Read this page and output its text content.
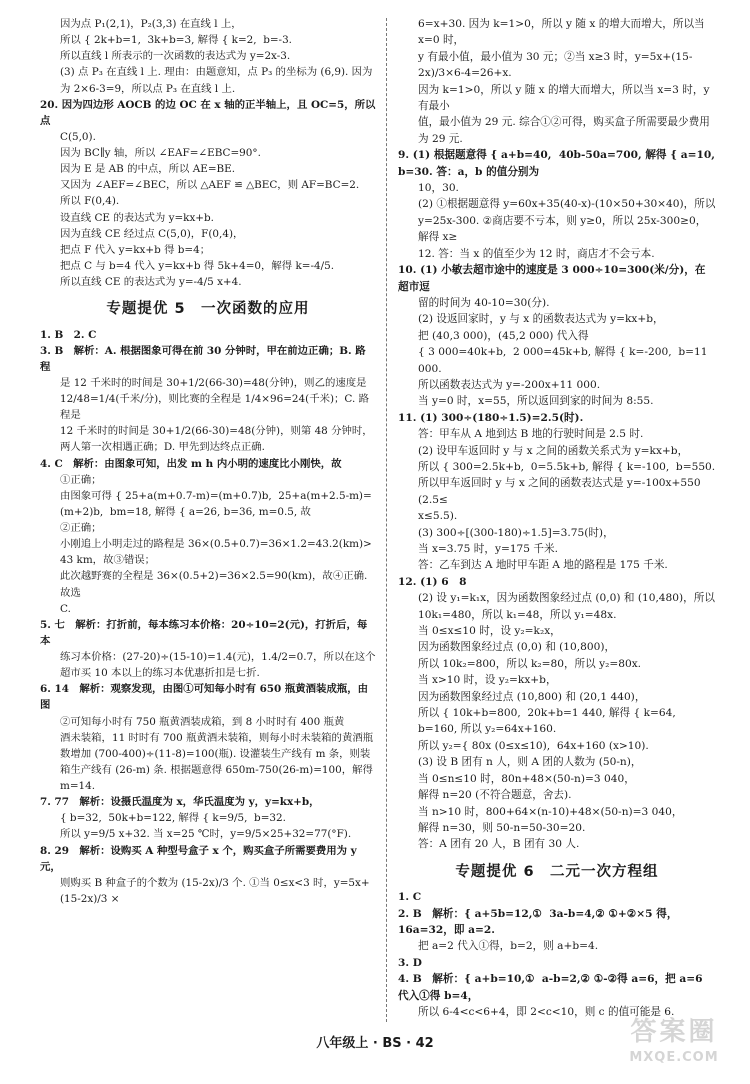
因为点 P₁(2,1)，P₂(3,3) 在直线 l 上，
所以 { 2k+b=1,  3k+b=3, 解得 { k=2,  b=-3.
所以直线 l 所表示的一次函数的表达式为 y=2x-3.
(3) 点 P₃ 在直线 l 上. 理由：由题意知，点 P₃ 的坐标为 (6,9). 因为
为 2×6-3=9，所以点 P₃ 在直线 l 上.
20. 因为四边形 AOCB 的边 OC 在 x 轴的正半轴上，且 OC=5，所以点
C(5,0).
因为 BC∥y 轴，所以 ∠EAF=∠EBC=90°.
因为 E 是 AB 的中点，所以 AE=BE.
又因为 ∠AEF=∠BEC，所以 △AEF ≌ △BEC，则 AF=BC=2.
所以 F(0,4).
设直线 CE 的表达式为 y=kx+b.
因为直线 CE 经过点 C(5,0)，F(0,4)，
把点 F 代入 y=kx+b 得 b=4；
把点 C 与 b=4 代入 y=kx+b 得 5k+4=0，解得 k=-4/5.
所以直线 CE 的表达式为 y=-4/5 x+4.
专题提优 5　一次函数的应用
1. B　2. C
3. B　解析：A. 根据图象可得在前 30 分钟时，甲在前边正确；B. 路程
是 12 千米时的时间是 30+1/2(66-30)=48(分钟)，则乙的速度是
12/48=1/4(千米/分)，则比赛的全程是 1/4×96=24(千米)；C. 路程是
12 千米时的时间是 30+1/2(66-30)=48(分钟)，则第 48 分钟时，
两人第一次相遇正确；D. 甲先到达终点正确.
4. C　解析：由图象可知，出发 m h 内小明的速度比小刚快，故
①正确；
由图象可得 { 25+a(m+0.7-m)=(m+0.7)b,  25+a(m+2.5-m)=(m+2)b,  bm=18, 解得 { a=26, b=36, m=0.5, 故
②正确；
小刚追上小明走过的路程是 36×(0.5+0.7)=36×1.2=43.2(km)>
43 km，故③错误；
此次越野赛的全程是 36×(0.5+2)=36×2.5=90(km)，故④正确. 故选
C.
5. 七　解析：打折前，每本练习本价格：20÷10=2(元)，打折后，每本
练习本价格：(27-20)÷(15-10)=1.4(元)，1.4/2=0.7，所以在这个
超市买 10 本以上的练习本优惠折扣是七折.
6. 14　解析：观察发现，由图①可知每小时有 650 瓶黄酒装成瓶，由图
②可知每小时有 750 瓶黄酒装成箱，到 8 小时时有 400 瓶黄
酒未装箱，11 时时有 700 瓶黄酒未装箱，则每小时未装箱的黄酒瓶
数增加 (700-400)÷(11-8)=100(瓶). 设灌装生产线有 m 条，则装
箱生产线有 (26-m) 条. 根据题意得 650m-750(26-m)=100，解得
m=14.
7. 77　解析：设摄氏温度为 x，华氏温度为 y，y=kx+b，
{ b=32,  50k+b=122, 解得 { k=9/5,  b=32.
所以 y=9/5 x+32. 当 x=25 ℃时，y=9/5×25+32=77(°F).
8. 29　解析：设购买 A 种型号盒子 x 个，购买盒子所需要费用为 y 元，
则购买 B 种盒子的个数为 (15-2x)/3 个. ①当 0≤x<3 时，y=5x+(15-2x)/3 ×
6=x+30. 因为 k=1>0，所以 y 随 x 的增大而增大，所以当 x=0 时，
y 有最小值，最小值为 30 元；②当 x≥3 时，y=5x+(15-2x)/3×6-4=26+x.
因为 k=1>0，所以 y 随 x 的增大而增大，所以当 x=3 时，y 有最小
值，最小值为 29 元. 综合①②可得，购买盒子所需要最少费用
为 29 元.
9. (1) 根据题意得 { a+b=40,  40b-50a=700, 解得 { a=10,  b=30. 答：a，b 的值分别为
10，30.
(2) ①根据题意得 y=60x+35(40-x)-(10×50+30×40)，所以
y=25x-300. ②商店要不亏本，则 y≥0，所以 25x-300≥0，解得 x≥
12. 答：当 x 的值至少为 12 时，商店才不会亏本.
10. (1) 小敏去超市途中的速度是 3 000÷10=300(米/分)，在超市逗
留的时间为 40-10=30(分).
(2) 设返回家时，y 与 x 的函数表达式为 y=kx+b，
把 (40,3 000)，(45,2 000) 代入得
{ 3 000=40k+b,  2 000=45k+b, 解得 { k=-200,  b=11 000.
所以函数表达式为 y=-200x+11 000.
当 y=0 时，x=55，所以返回到家的时间为 8:55.
11. (1) 300÷(180÷1.5)=2.5(时).
答：甲车从 A 地到达 B 地的行驶时间是 2.5 时.
(2) 设甲车返回时 y 与 x 之间的函数关系式为 y=kx+b，
所以 { 300=2.5k+b,  0=5.5k+b, 解得 { k=-100,  b=550.
所以甲车返回时 y 与 x 之间的函数表达式是 y=-100x+550 (2.5≤
x≤5.5).
(3) 300÷[(300-180)÷1.5]=3.75(时)，
当 x=3.75 时，y=175 千米.
答：乙车到达 A 地时甲车距 A 地的路程是 175 千米.
12. (1) 6　8
(2) 设 y₁=k₁x，因为函数图象经过点 (0,0) 和 (10,480)，所以
10k₁=480，所以 k₁=48，所以 y₁=48x.
当 0≤x≤10 时，设 y₂=k₂x，
因为函数图象经过点 (0,0) 和 (10,800)，
所以 10k₂=800，所以 k₂=80，所以 y₂=80x.
当 x>10 时，设 y₂=kx+b，
因为函数图象经过点 (10,800) 和 (20,1 440)，
所以 { 10k+b=800,  20k+b=1 440, 解得 { k=64,  b=160, 所以 y₂=64x+160.
所以 y₂={ 80x (0≤x≤10),  64x+160 (x>10).
(3) 设 B 团有 n 人，则 A 团的人数为 (50-n)，
当 0≤n≤10 时，80n+48×(50-n)=3 040，
解得 n=20 (不符合题意，舍去).
当 n>10 时，800+64×(n-10)+48×(50-n)=3 040，
解得 n=30，则 50-n=50-30=20.
答：A 团有 20 人，B 团有 30 人.
专题提优 6　二元一次方程组
1. C
2. B　解析：{ a+5b=12,①  3a-b=4,② ①+②×5 得，16a=32，即 a=2.
把 a=2 代入①得，b=2，则 a+b=4.
3. D
4. B　解析：{ a+b=10,①  a-b=2,② ①-②得 a=6，把 a=6 代入①得 b=4，
所以 6-4<c<6+4，即 2<c<10，则 c 的值可能是 6.
八年级上 · BS · 42	答案圈
MXQE.COM
